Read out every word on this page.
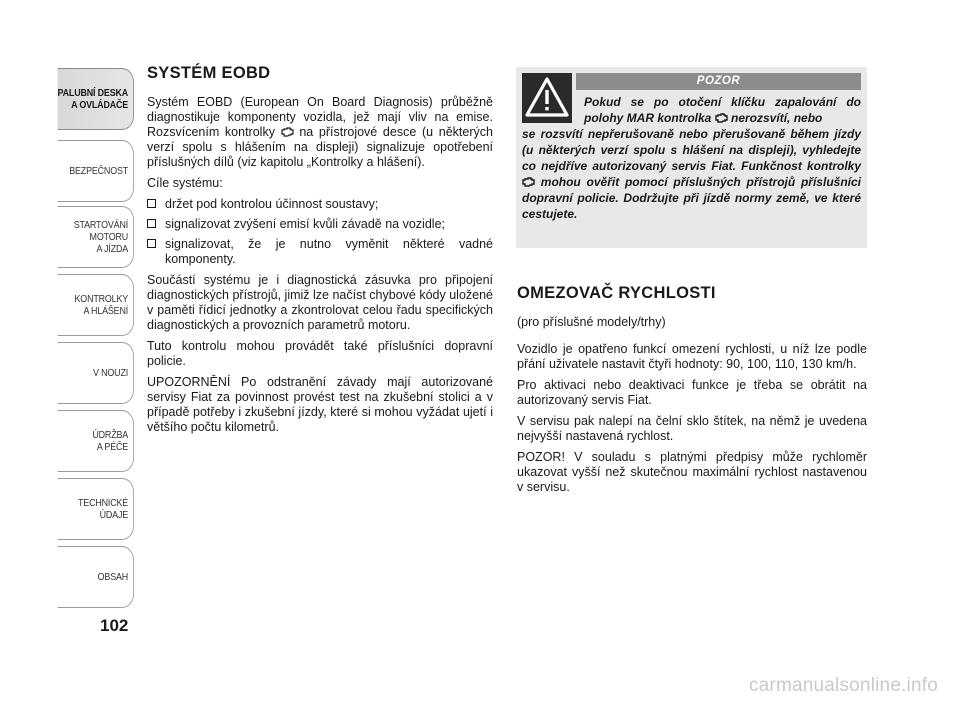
PALUBNÍ DESKA
A OVLÁDAČE
BEZPEČNOST
STARTOVÁNÍ
MOTORU
A JÍZDA
KONTROLKY
A HLÁŠENÍ
V NOUZI
ÚDRŽBA
A PÉČE
TECHNICKÉ
ÚDAJE
OBSAH
102
SYSTÉM EOBD

Systém EOBD (European On Board Diagnosis) průběžně diagnostikuje komponenty vozidla, jež mají vliv na emise. Rozsvícením kontrolky  na přístrojové desce (u některých verzí spolu s hlášením na displeji) signalizuje opotřebení příslušných dílů (viz kapitolu „Kontrolky a hlášení).

Cíle systému:

držet pod kontrolou účinnost soustavy;
signalizovat zvýšení emisí kvůli závadě na vozidle;
signalizovat, že je nutno vyměnit některé vadné komponenty.

Součástí systému je i diagnostická zásuvka pro připojení diagnostických přístrojů, jimiž lze načíst chybové kódy uložené v paměti řídicí jednotky a zkontrolovat celou řadu specifických diagnostických a provozních parametrů motoru.

Tuto kontrolu mohou provádět také příslušníci dopravní policie.

UPOZORNĚNÍ Po odstranění závady mají autorizované servisy Fiat za povinnost provést test na zkušební stolici a v případě potřeby i zkušební jízdy, které si mohou vyžádat ujetí i většího počtu kilometrů.

POZOR
Pokud se po otočení klíčku zapalování do polohy MAR kontrolka  nerozsvítí, nebo
se rozsvítí nepřerušovaně nebo přerušovaně během jízdy (u některých verzí spolu s hlášení na displeji), vyhledejte co nejdříve autorizovaný servis Fiat. Funkčnost kontrolky  mohou ověřit pomocí příslušných přístrojů příslušníci dopravní policie. Dodržujte při jízdě normy země, ve které cestujete.
OMEZOVAČ RYCHLOSTI

(pro příslušné modely/trhy)

Vozidlo je opatřeno funkcí omezení rychlosti, u níž lze podle přání uživatele nastavit čtyři hodnoty: 90, 100, 110, 130 km/h.

Pro aktivaci nebo deaktivaci funkce je třeba se obrátit na autorizovaný servis Fiat.

V servisu pak nalepí na čelní sklo štítek, na němž je uvedena nejvyšší nastavená rychlost.

POZOR! V souladu s platnými předpisy může rychloměr ukazovat vyšší než skutečnou maximální rychlost nastavenou v servisu.

carmanualsonline.info
